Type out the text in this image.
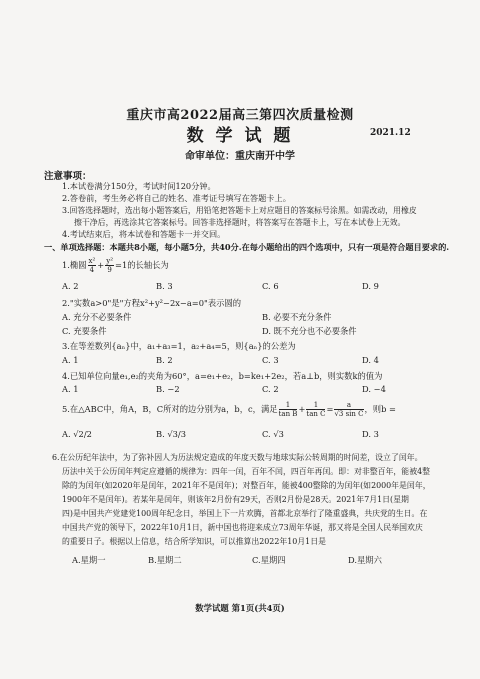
重庆市高2022届高三第四次质量检测
数 学 试 题	2021.12
命审单位：重庆南开中学
注意事项：
1.本试卷满分150分，考试时间120分钟。
2.答卷前，考生务必将自己的姓名、准考证号填写在答题卡上。
3.回答选择题时，选出每小题答案后，用铅笔把答题卡上对应题目的答案标号涂黑。如需改动，用橡皮
擦干净后，再选涂其它答案标号。回答非选择题时，将答案写在答题卡上，写在本试卷上无效。
4.考试结束后，将本试卷和答题卡一并交回。
一、单项选择题：本题共8小题，每小题5分，共40分.在每小题给出的四个选项中，只有一项是符合题目要求的.
1.椭圆 $\frac{\text{x²}}{4} + \frac{\text{y²}}{9} =1$的长轴长为
A. 2	B. 3	C. 6	D. 9
2."实数a>0"是"方程x²+y²−2x−a=0"表示圆的
A. 充分不必要条件	B. 必要不充分条件
C. 充要条件	D. 既不充分也不必要条件
3.在等差数列{aₙ}中，a₁+a₃=1，a₂+a₄=5，则{aₙ}的公差为
A. 1	B. 2	C. 3	D. 4
4.已知单位向量e₁,e₂的夹角为60°，a=e₁+e₂，b=ke₁+2e₂，若a⊥b，则实数k的值为
A. 1	B. −2	C. 2	D. −4
5.在△ABC中，角A，B，C所对的边分别为a，b，c，满足 $\frac{1}{\text{tan B}} + \frac{1}{\text{tan C}} = \frac{a}{\text{√3 sin C}}$ ，则b =
A. √2/2	B. √3/3	C. √3	D. 3
6.在公历纪年法中，为了弥补因人为历法规定造成的年度天数与地球实际公转周期的时间差，设立了闰年。
历法中关于公历闰年判定应遵循的规律为：四年一闰，百年不闰，四百年再闰。即：对非整百年，能被4整
除的为闰年(如2020年是闰年，2021年不是闰年)；对整百年，能被400整除的为闰年(如2000年是闰年，
1900年不是闰年)。若某年是闰年，则该年2月份有29天，否则2月份是28天。2021年7月1日(星期
四)是中国共产党建党100周年纪念日，举国上下一片欢腾，首都北京举行了隆重盛典，共庆党的生日。在
中国共产党的领导下，2022年10月1日，新中国也将迎来成立73周年华诞，那又将是全国人民举国欢庆
的重要日子。根据以上信息，结合所学知识，可以推算出2022年10月1日是
A.星期一	B.星期二	C.星期四	D.星期六
数学试题 第1页(共4页)
